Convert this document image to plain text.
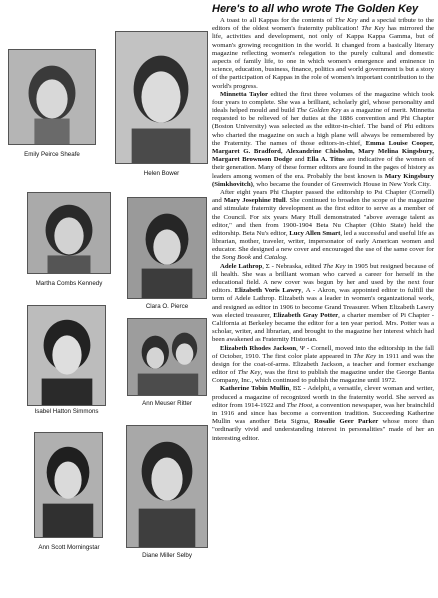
Emily Peirce Sheafe
Helen Bower
Martha Combs Kennedy
Clara O. Pierce
Isabel Hatton Simmons
Ann Meuser Ritter
Ann Scott Morningstar
Diane Miller Selby
Here's to all who wrote The Golden Key

A toast to all Kappas for the contents of The Key and a special tribute to the editors of the oldest women's fraternity publication! The Key has mirrored the life, activities and development, not only of Kappa Kappa Gamma, but of woman's growing recognition in the world. It changed from a basically literary magazine reflecting women's relegation to the purely cultural and domestic aspects of family life, to one in which women's emergence and eminence in science, education, business, finance, politics and world government is but a story of the participation of Kappas in the role of women's important contribution to the world's progress.

Minnetta Taylor edited the first three volumes of the magazine which took four years to complete. She was a brilliant, scholarly girl, whose personality and ideals helped mould and build The Golden Key as a magazine of merit. Minnetta requested to be relieved of her duties at the 1886 convention and Phi Chapter (Boston University) was selected as the editor-in-chief. The band of Phi editors who charted the magazine on such a high plane will always be remembered by the Fraternity. The names of those editors-in-chief, Emma Louise Cooper, Margaret G. Bradford, Alexandrine Chisholm, Mary Melina Kingsbury, Margaret Brownson Dodge and Ella A. Titus are indicative of the women of their generation. Many of these former editors are found in the pages of history as leaders among women of the era. Probably the best known is Mary Kingsbury (Simkhovitch), who became the founder of Greenwich House in New York City.

After eight years Phi Chapter passed the editorship to Psi Chapter (Cornell) and Mary Josephine Hull. She continued to broaden the scope of the magazine and stimulate fraternity development as the first editor to serve as a member of the Council. For six years Mary Hull demonstrated "above average talent as editor," and then from 1900-1904 Beta Nu Chapter (Ohio State) held the editorship. Beta Nu's editor, Lucy Allen Smart, led a successful and useful life as librarian, mother, traveler, writer, impersonator of early American women and educator. She designed a new cover and encouraged the use of the same cover for the Song Book and Catalog.

Adele Lathrop, Σ - Nebraska, edited The Key in 1905 but resigned because of ill health. She was a brilliant woman who carved a career for herself in the educational field. A new cover was begun by her and used by the next four editors. Elizabeth Voris Lawry, Α - Akron, was appointed editor to fulfill the term of Adele Lathrop. Elizabeth was a leader in women's organizational work, and resigned as editor in 1906 to become Grand Treasurer. When Elizabeth Lawry was elected treasurer, Elizabeth Gray Potter, a charter member of Pi Chapter - California at Berkeley became the editor for a ten year period. Mrs. Potter was a scholar, writer, and librarian, and brought to the magazine her interest which had been awakened as Fraternity Historian.

Elizabeth Rhodes Jackson, Ψ - Cornell, moved into the editorship in the fall of October, 1910. The first color plate appeared in The Key in 1911 and was the design for the coat-of-arms. Elizabeth Jackson, a teacher and former exchange editor of The Key, was the first to publish the magazine under the George Banta Company, Inc., which continued to publish the magazine until 1972.

Katherine Tobin Mullin, ΒΣ - Adelphi, a versatile, clever woman and writer, produced a magazine of recognized worth in the fraternity world. She served as editor from 1914-1922 and The Hoot, a convention newspaper, was her brainchild in 1916 and since has become a convention tradition. Succeeding Katherine Mullin was another Beta Sigma, Rosalie Geer Parker whose more than "ordinarily vivid and understanding interest in personalities" made of her an interesting editor.
